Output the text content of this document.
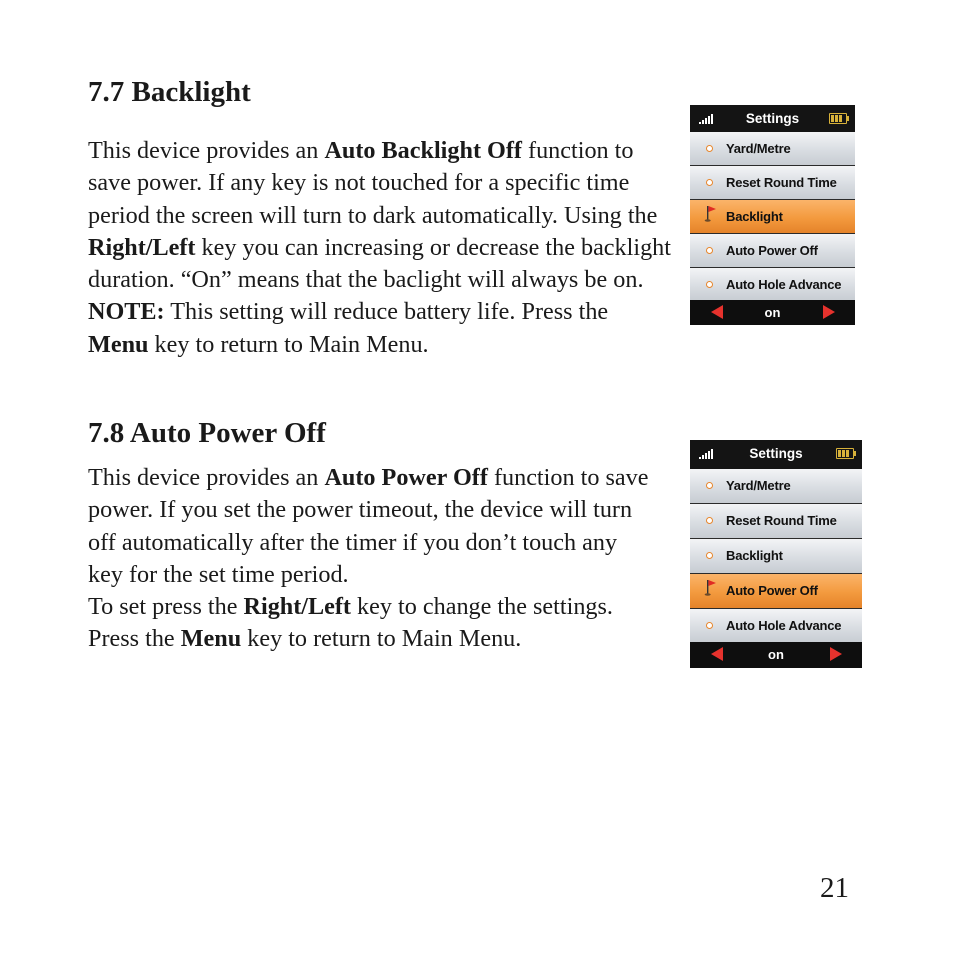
7.7 Backlight

This device provides an Auto Backlight Off function to save power. If any key is not touched for a specific time period the screen will turn to dark automatically. Using the Right/Left key you can increasing or decrease the backlight duration. “On” means that the baclight will always be on. NOTE: This setting will reduce battery life. Press the Menu key to return to Main Menu.

Settings
Yard/Metre
Reset Round Time
Backlight
Auto Power Off
Auto Hole Advance
on
7.8 Auto Power Off
This device provides an Auto Power Off function to save power. If you set the power timeout, the device will turn off automatically after the timer if you don’t touch any key for the set time period.
To set press the Right/Left key to change the settings.
Press the Menu key to return to Main Menu.
Settings
Yard/Metre
Reset Round Time
Backlight
Auto Power Off
Auto Hole Advance
on
21
